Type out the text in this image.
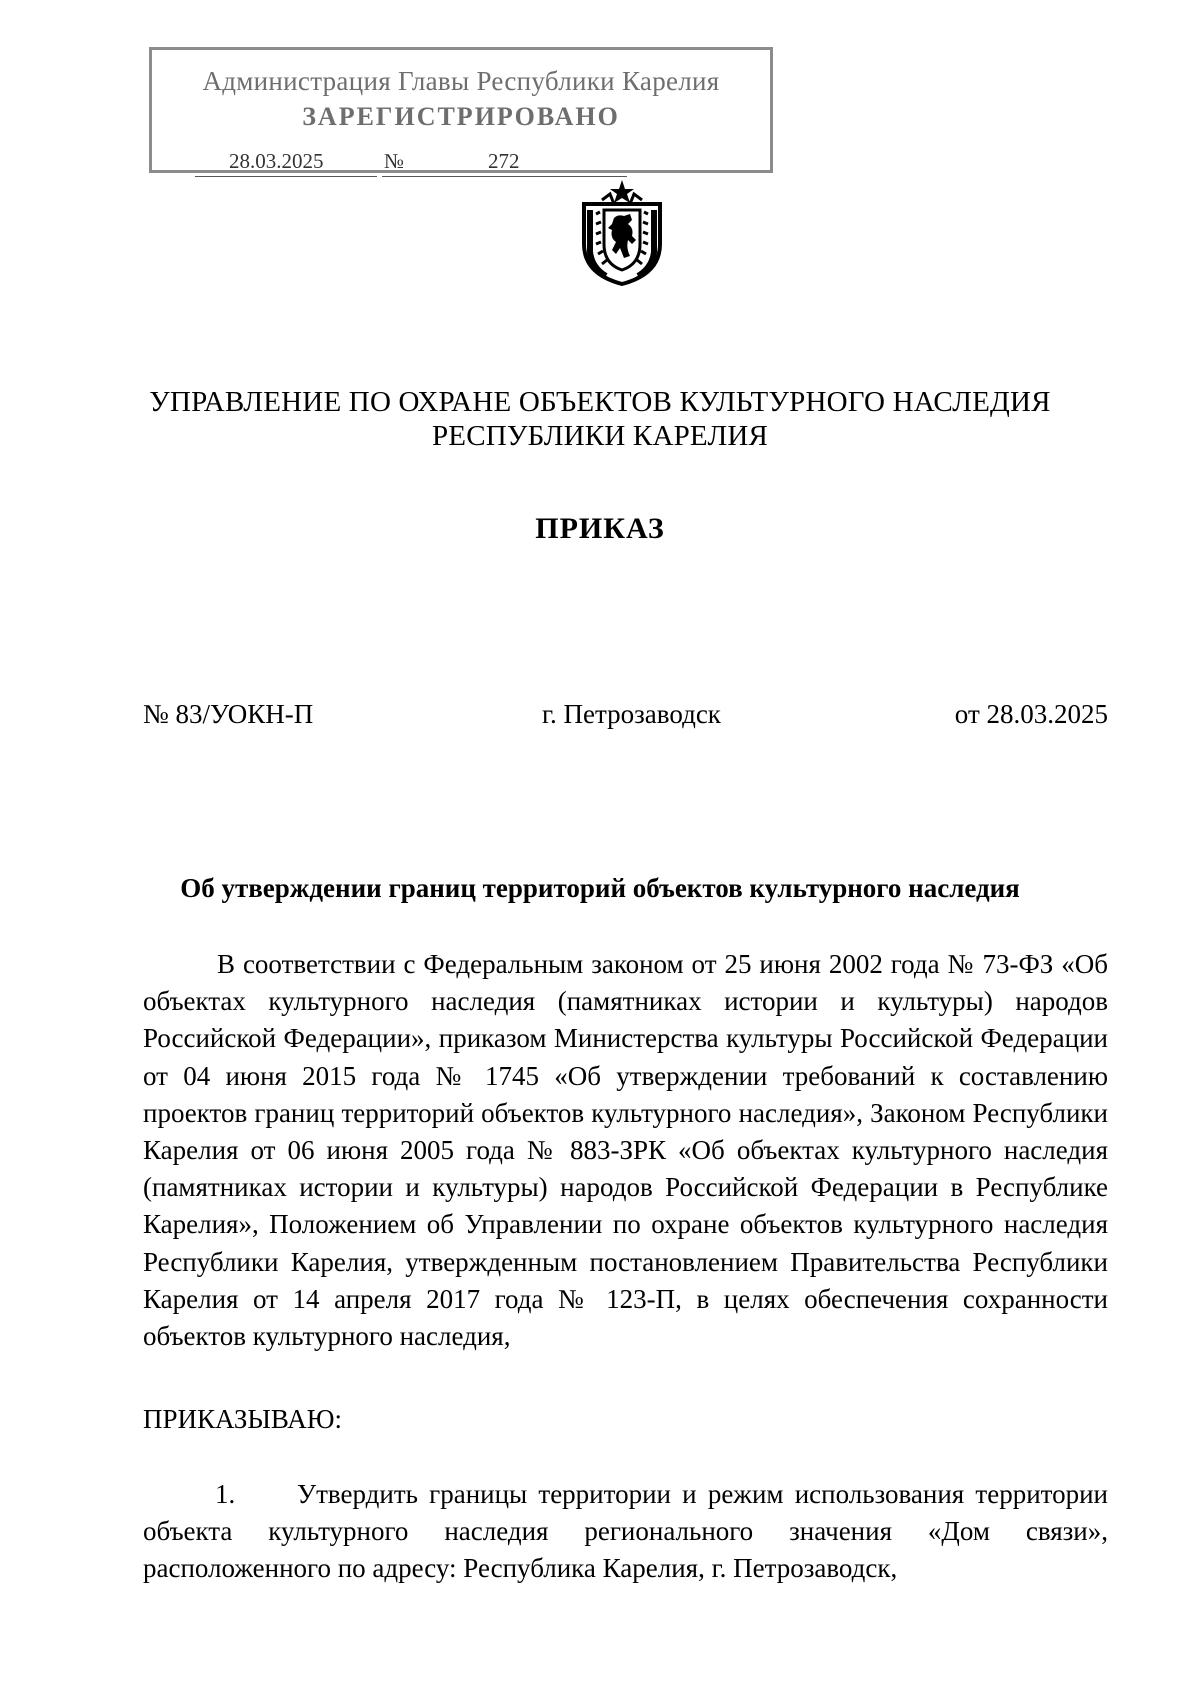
Администрация Главы Республики Карелия
ЗАРЕГИСТРИРОВАНО
28.03.2025	№	272
УПРАВЛЕНИЕ ПО ОХРАНЕ ОБЪЕКТОВ КУЛЬТУРНОГО НАСЛЕДИЯ
РЕСПУБЛИКИ КАРЕЛИЯ
ПРИКАЗ
№ 83/УОКН-П	г. Петрозаводск	от 28.03.2025
Об утверждении границ территорий объектов культурного наследия
В соответствии с Федеральным законом от 25 июня 2002 года № 73-ФЗ «Об объектах культурного наследия (памятниках истории и культуры) народов Российской Федерации», приказом Министерства культуры Российской Федерации от 04 июня 2015 года № 1745 «Об утверждении требований к составлению проектов границ территорий объектов культурного наследия», Законом Республики Карелия от 06 июня 2005 года № 883-ЗРК «Об объектах культурного наследия (памятниках истории и культуры) народов Российской Федерации в Республике Карелия», Положением об Управлении по охране объектов культурного наследия Республики Карелия, утвержденным постановлением Правительства Республики Карелия от 14 апреля 2017 года № 123-П, в целях обеспечения сохранности объектов культурного наследия,
ПРИКАЗЫВАЮ:
1. Утвердить границы территории и режим использования территории объекта культурного наследия регионального значения «Дом связи», расположенного по адресу: Республика Карелия, г. Петрозаводск,
